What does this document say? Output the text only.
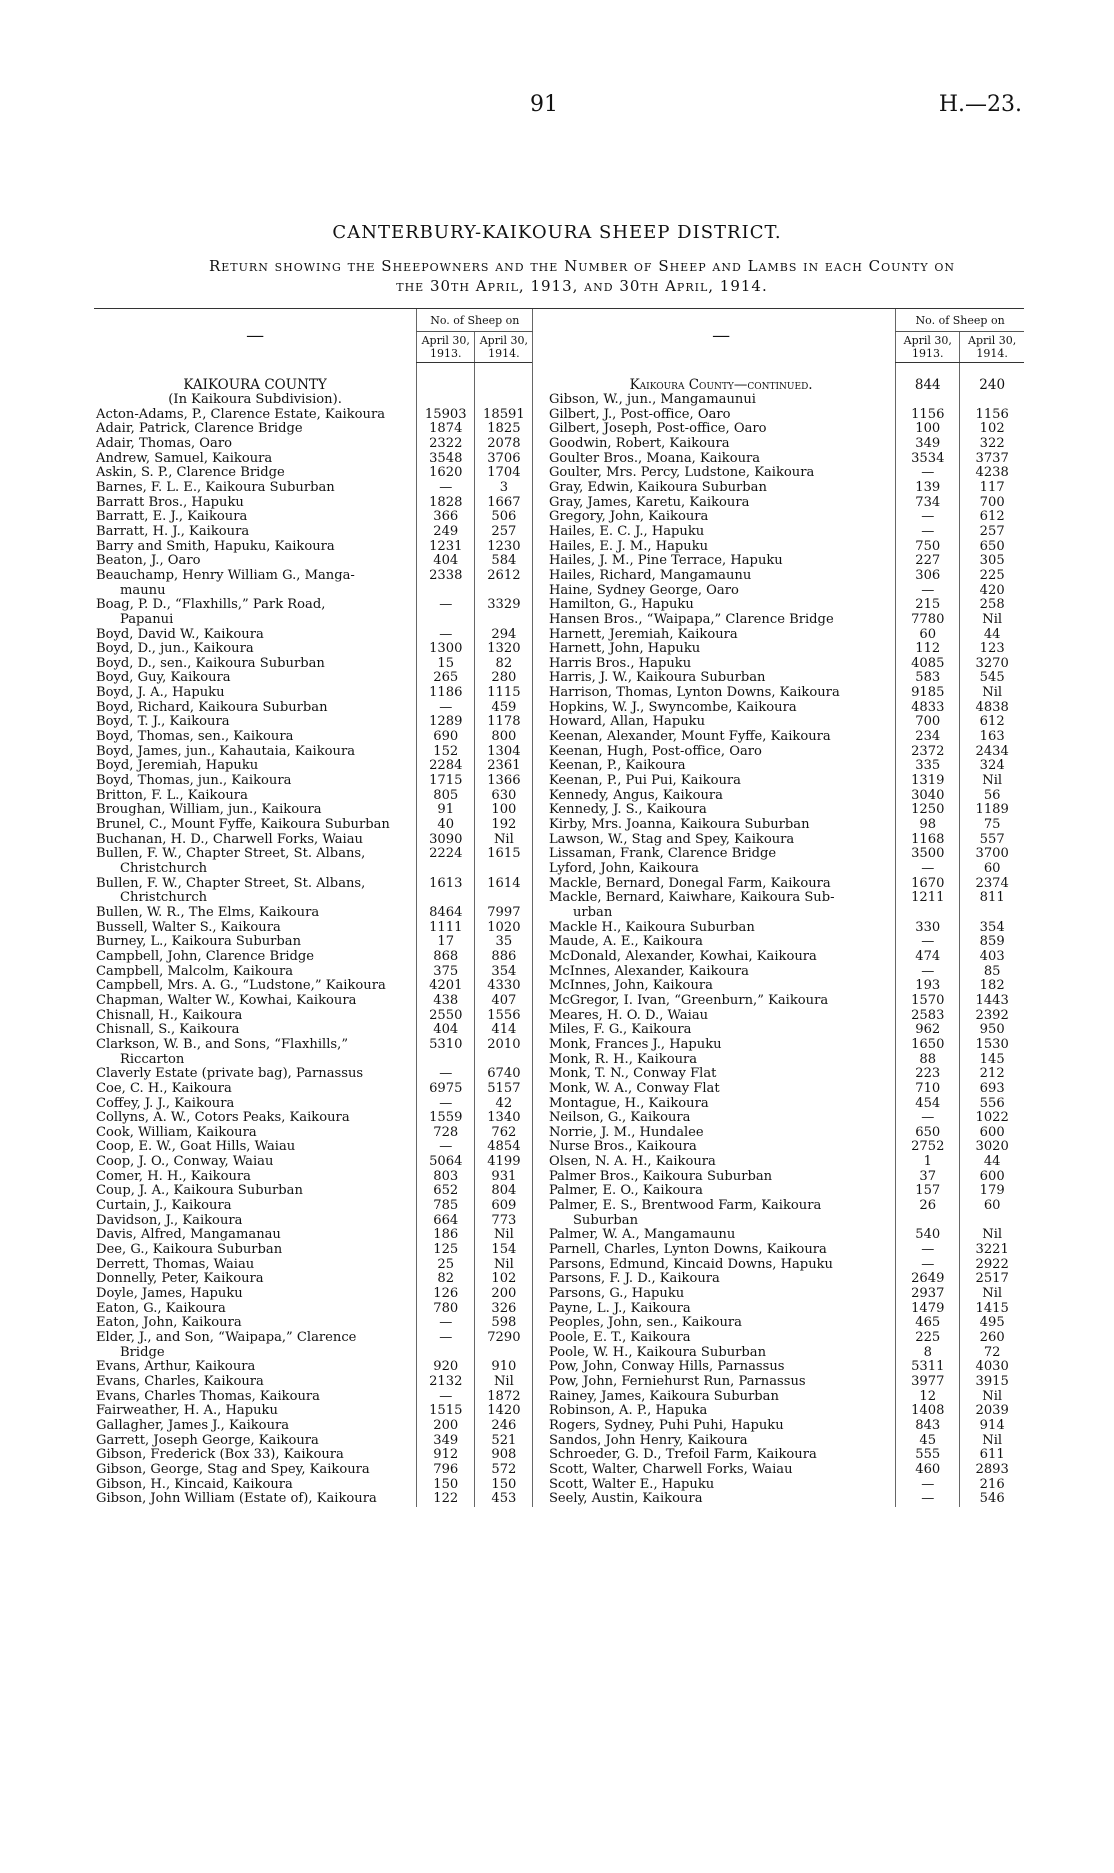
91	H.—23.
CANTERBURY-KAIKOURA SHEEP DISTRICT.
Return showing the Sheepowners and the Number of Sheep and Lambs in each County on
the 30th April, 1913, and 30th April, 1914.
—	No. of Sheep on			—	No. of Sheep on	
	April 30, 1913.	April 30, 1914.			April 30, 1913.	April 30, 1914.
KAIKOURA COUNTY				Kaikoura County—continued.	844	240
(In Kaikoura Subdivision).				Gibson, W., jun., Mangamaunui		
Acton-Adams, P., Clarence Estate, Kaikoura	15903	18591		Gilbert, J., Post-office, Oaro	1156	1156
Adair, Patrick, Clarence Bridge	1874	1825		Gilbert, Joseph, Post-office, Oaro	100	102
Adair, Thomas, Oaro	2322	2078		Goodwin, Robert, Kaikoura	349	322
Andrew, Samuel, Kaikoura	3548	3706		Goulter Bros., Moana, Kaikoura	3534	3737
Askin, S. P., Clarence Bridge	1620	1704		Goulter, Mrs. Percy, Ludstone, Kaikoura	—	4238
Barnes, F. L. E., Kaikoura Suburban	—	3		Gray, Edwin, Kaikoura Suburban	139	117
Barratt Bros., Hapuku	1828	1667		Gray, James, Karetu, Kaikoura	734	700
Barratt, E. J., Kaikoura	366	506		Gregory, John, Kaikoura	—	612
Barratt, H. J., Kaikoura	249	257		Hailes, E. C. J., Hapuku	—	257
Barry and Smith, Hapuku, Kaikoura	1231	1230		Hailes, E. J. M., Hapuku	750	650
Beaton, J., Oaro	404	584		Hailes, J. M., Pine Terrace, Hapuku	227	305
Beauchamp, Henry William G., Manga-	2338	2612		Hailes, Richard, Mangamaunu	306	225
maunu				Haine, Sydney George, Oaro	—	420
Boag, P. D., “Flaxhills,” Park Road,	—	3329		Hamilton, G., Hapuku	215	258
Papanui				Hansen Bros., “Waipapa,” Clarence Bridge	7780	Nil
Boyd, David W., Kaikoura	—	294		Harnett, Jeremiah, Kaikoura	60	44
Boyd, D., jun., Kaikoura	1300	1320		Harnett, John, Hapuku	112	123
Boyd, D., sen., Kaikoura Suburban	15	82		Harris Bros., Hapuku	4085	3270
Boyd, Guy, Kaikoura	265	280		Harris, J. W., Kaikoura Suburban	583	545
Boyd, J. A., Hapuku	1186	1115		Harrison, Thomas, Lynton Downs, Kaikoura	9185	Nil
Boyd, Richard, Kaikoura Suburban	—	459		Hopkins, W. J., Swyncombe, Kaikoura	4833	4838
Boyd, T. J., Kaikoura	1289	1178		Howard, Allan, Hapuku	700	612
Boyd, Thomas, sen., Kaikoura	690	800		Keenan, Alexander, Mount Fyffe, Kaikoura	234	163
Boyd, James, jun., Kahautaia, Kaikoura	152	1304		Keenan, Hugh, Post-office, Oaro	2372	2434
Boyd, Jeremiah, Hapuku	2284	2361		Keenan, P., Kaikoura	335	324
Boyd, Thomas, jun., Kaikoura	1715	1366		Keenan, P., Pui Pui, Kaikoura	1319	Nil
Britton, F. L., Kaikoura	805	630		Kennedy, Angus, Kaikoura	3040	56
Broughan, William, jun., Kaikoura	91	100		Kennedy, J. S., Kaikoura	1250	1189
Brunel, C., Mount Fyffe, Kaikoura Suburban	40	192		Kirby, Mrs. Joanna, Kaikoura Suburban	98	75
Buchanan, H. D., Charwell Forks, Waiau	3090	Nil		Lawson, W., Stag and Spey, Kaikoura	1168	557
Bullen, F. W., Chapter Street, St. Albans,	2224	1615		Lissaman, Frank, Clarence Bridge	3500	3700
Christchurch				Lyford, John, Kaikoura	—	60
Bullen, F. W., Chapter Street, St. Albans,	1613	1614		Mackle, Bernard, Donegal Farm, Kaikoura	1670	2374
Christchurch				Mackle, Bernard, Kaiwhare, Kaikoura Sub-	1211	811
Bullen, W. R., The Elms, Kaikoura	8464	7997		urban		
Bussell, Walter S., Kaikoura	1111	1020		Mackle H., Kaikoura Suburban	330	354
Burney, L., Kaikoura Suburban	17	35		Maude, A. E., Kaikoura	—	859
Campbell, John, Clarence Bridge	868	886		McDonald, Alexander, Kowhai, Kaikoura	474	403
Campbell, Malcolm, Kaikoura	375	354		McInnes, Alexander, Kaikoura	—	85
Campbell, Mrs. A. G., “Ludstone,” Kaikoura	4201	4330		McInnes, John, Kaikoura	193	182
Chapman, Walter W., Kowhai, Kaikoura	438	407		McGregor, I. Ivan, “Greenburn,” Kaikoura	1570	1443
Chisnall, H., Kaikoura	2550	1556		Meares, H. O. D., Waiau	2583	2392
Chisnall, S., Kaikoura	404	414		Miles, F. G., Kaikoura	962	950
Clarkson, W. B., and Sons, “Flaxhills,”	5310	2010		Monk, Frances J., Hapuku	1650	1530
Riccarton				Monk, R. H., Kaikoura	88	145
Claverly Estate (private bag), Parnassus	—	6740		Monk, T. N., Conway Flat	223	212
Coe, C. H., Kaikoura	6975	5157		Monk, W. A., Conway Flat	710	693
Coffey, J. J., Kaikoura	—	42		Montague, H., Kaikoura	454	556
Collyns, A. W., Cotors Peaks, Kaikoura	1559	1340		Neilson, G., Kaikoura	—	1022
Cook, William, Kaikoura	728	762		Norrie, J. M., Hundalee	650	600
Coop, E. W., Goat Hills, Waiau	—	4854		Nurse Bros., Kaikoura	2752	3020
Coop, J. O., Conway, Waiau	5064	4199		Olsen, N. A. H., Kaikoura	1	44
Comer, H. H., Kaikoura	803	931		Palmer Bros., Kaikoura Suburban	37	600
Coup, J. A., Kaikoura Suburban	652	804		Palmer, E. O., Kaikoura	157	179
Curtain, J., Kaikoura	785	609		Palmer, E. S., Brentwood Farm, Kaikoura	26	60
Davidson, J., Kaikoura	664	773		Suburban		
Davis, Alfred, Mangamanau	186	Nil		Palmer, W. A., Mangamaunu	540	Nil
Dee, G., Kaikoura Suburban	125	154		Parnell, Charles, Lynton Downs, Kaikoura	—	3221
Derrett, Thomas, Waiau	25	Nil		Parsons, Edmund, Kincaid Downs, Hapuku	—	2922
Donnelly, Peter, Kaikoura	82	102		Parsons, F. J. D., Kaikoura	2649	2517
Doyle, James, Hapuku	126	200		Parsons, G., Hapuku	2937	Nil
Eaton, G., Kaikoura	780	326		Payne, L. J., Kaikoura	1479	1415
Eaton, John, Kaikoura	—	598		Peoples, John, sen., Kaikoura	465	495
Elder, J., and Son, “Waipapa,” Clarence	—	7290		Poole, E. T., Kaikoura	225	260
Bridge				Poole, W. H., Kaikoura Suburban	8	72
Evans, Arthur, Kaikoura	920	910		Pow, John, Conway Hills, Parnassus	5311	4030
Evans, Charles, Kaikoura	2132	Nil		Pow, John, Ferniehurst Run, Parnassus	3977	3915
Evans, Charles Thomas, Kaikoura	—	1872		Rainey, James, Kaikoura Suburban	12	Nil
Fairweather, H. A., Hapuku	1515	1420		Robinson, A. P., Hapuka	1408	2039
Gallagher, James J., Kaikoura	200	246		Rogers, Sydney, Puhi Puhi, Hapuku	843	914
Garrett, Joseph George, Kaikoura	349	521		Sandos, John Henry, Kaikoura	45	Nil
Gibson, Frederick (Box 33), Kaikoura	912	908		Schroeder, G. D., Trefoil Farm, Kaikoura	555	611
Gibson, George, Stag and Spey, Kaikoura	796	572		Scott, Walter, Charwell Forks, Waiau	460	2893
Gibson, H., Kincaid, Kaikoura	150	150		Scott, Walter E., Hapuku	—	216
Gibson, John William (Estate of), Kaikoura	122	453		Seely, Austin, Kaikoura	—	546
